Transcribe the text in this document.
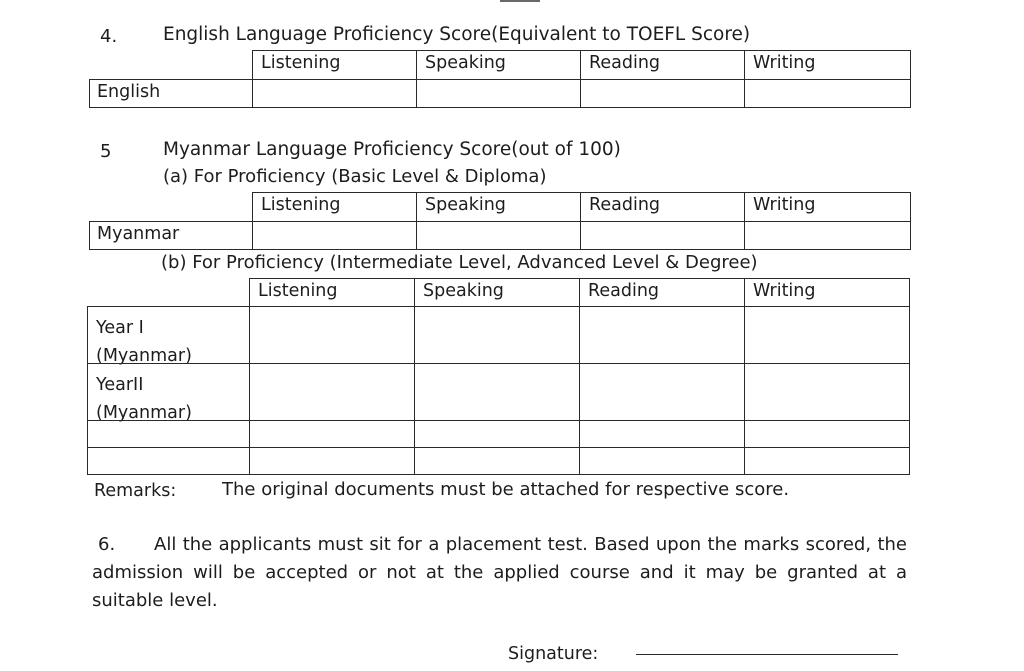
4. English Language Proficiency Score(Equivalent to TOEFL Score)
Listening	Speaking	Reading	Writing
English
5	Myanmar Language Proficiency Score(out of 100)
(a) For Proficiency (Basic Level & Diploma)
Listening	Speaking	Reading	Writing
Myanmar
(b) For Proficiency (Intermediate Level, Advanced Level & Degree)
Listening	Speaking	Reading	Writing
Year I
(Myanmar)
YearII
(Myanmar)
Remarks:	The original documents must be attached for respective score.
6. All the applicants must sit for a placement test. Based upon the marks scored, the admission will be accepted or not at the applied course and it may be granted at a suitable level.
Signature:
